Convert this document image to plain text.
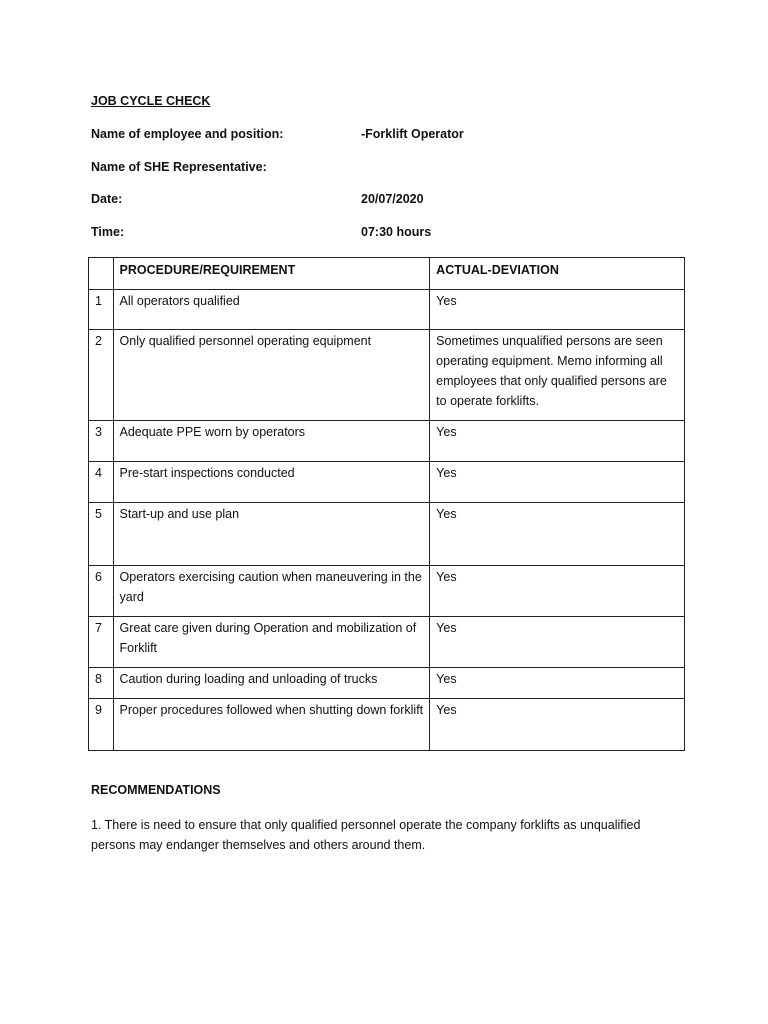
JOB CYCLE CHECK
Name of employee and position:	-Forklift Operator
Name of SHE Representative:
Date:	20/07/2020
Time:	07:30 hours
	PROCEDURE/REQUIREMENT	ACTUAL-DEVIATION
1	All operators qualified	Yes
2	Only qualified personnel operating equipment	Sometimes unqualified persons are seen operating equipment. Memo informing all employees that only qualified persons are to operate forklifts.
3	Adequate PPE worn by operators	Yes
4	Pre-start inspections conducted	Yes
5	Start-up and use plan	Yes
6	Operators exercising caution when maneuvering in the yard	Yes
7	Great care given during Operation and mobilization of Forklift	Yes
8	Caution during loading and unloading of trucks	Yes
9	Proper procedures followed when shutting down forklift	Yes
RECOMMENDATIONS
1. There is need to ensure that only qualified personnel operate the company forklifts as unqualified persons may endanger themselves and others around them.
